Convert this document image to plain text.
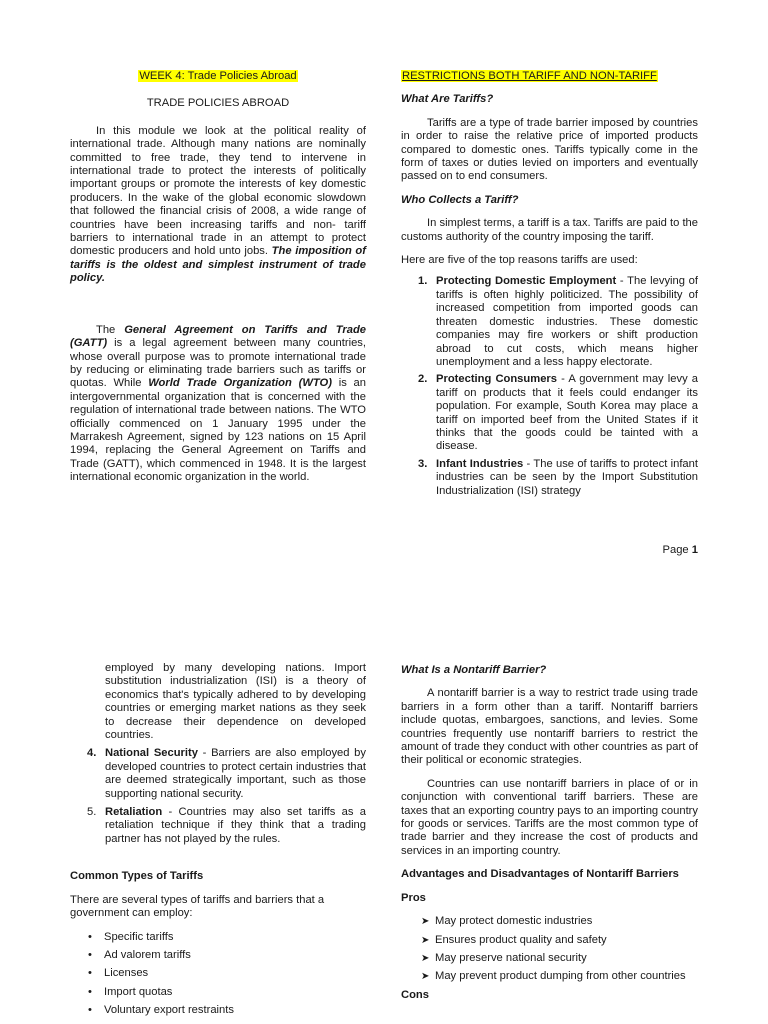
WEEK 4: Trade Policies Abroad

TRADE POLICIES ABROAD

In this module we look at the political reality of international trade. Although many nations are nominally committed to free trade, they tend to intervene in international trade to protect the interests of politically important groups or promote the interests of key domestic producers. In the wake of the global economic slowdown that followed the financial crisis of 2008, a wide range of countries have been increasing tariffs and non- tariff barriers to international trade in an attempt to protect domestic producers and hold unto jobs. The imposition of tariffs is the oldest and simplest instrument of trade policy.

The General Agreement on Tariffs and Trade (GATT) is a legal agreement between many countries, whose overall purpose was to promote international trade by reducing or eliminating trade barriers such as tariffs or quotas. While World Trade Organization (WTO) is an intergovernmental organization that is concerned with the regulation of international trade between nations. The WTO officially commenced on 1 January 1995 under the Marrakesh Agreement, signed by 123 nations on 15 April 1994, replacing the General Agreement on Tariffs and Trade (GATT), which commenced in 1948. It is the largest international economic organization in the world.

RESTRICTIONS BOTH TARIFF AND NON-TARIFF

What Are Tariffs?

Tariffs are a type of trade barrier imposed by countries in order to raise the relative price of imported products compared to domestic ones. Tariffs typically come in the form of taxes or duties levied on importers and eventually passed on to end consumers.

Who Collects a Tariff?

In simplest terms, a tariff is a tax. Tariffs are paid to the customs authority of the country imposing the tariff.

Here are five of the top reasons tariffs are used:

1. Protecting Domestic Employment - The levying of tariffs is often highly politicized. The possibility of increased competition from imported goods can threaten domestic industries. These domestic companies may fire workers or shift production abroad to cut costs, which means higher unemployment and a less happy electorate.
2. Protecting Consumers - A government may levy a tariff on products that it feels could endanger its population. For example, South Korea may place a tariff on imported beef from the United States if it thinks that the goods could be tainted with a disease.
3. Infant Industries - The use of tariffs to protect infant industries can be seen by the Import Substitution Industrialization (ISI) strategy
Page 1

employed by many developing nations. Import substitution industrialization (ISI) is a theory of economics that's typically adhered to by developing countries or emerging market nations as they seek to decrease their dependence on developed countries.

4. National Security - Barriers are also employed by developed countries to protect certain industries that are deemed strategically important, such as those supporting national security.
5. Retaliation - Countries may also set tariffs as a retaliation technique if they think that a trading partner has not played by the rules.

Common Types of Tariffs

There are several types of tariffs and barriers that a government can employ:

• Specific tariffs
• Ad valorem tariffs
• Licenses
• Import quotas
• Voluntary export restraints

What Is a Nontariff Barrier?

A nontariff barrier is a way to restrict trade using trade barriers in a form other than a tariff. Nontariff barriers include quotas, embargoes, sanctions, and levies. Some countries frequently use nontariff barriers to restrict the amount of trade they conduct with other countries as part of their political or economic strategies.

Countries can use nontariff barriers in place of or in conjunction with conventional tariff barriers. These are taxes that an exporting country pays to an importing country for goods or services. Tariffs are the most common type of trade barrier and they increase the cost of products and services in an importing country.

Advantages and Disadvantages of Nontariff Barriers

Pros

➤ May protect domestic industries
➤ Ensures product quality and safety
➤ May preserve national security
➤ May prevent product dumping from other countries

Cons
